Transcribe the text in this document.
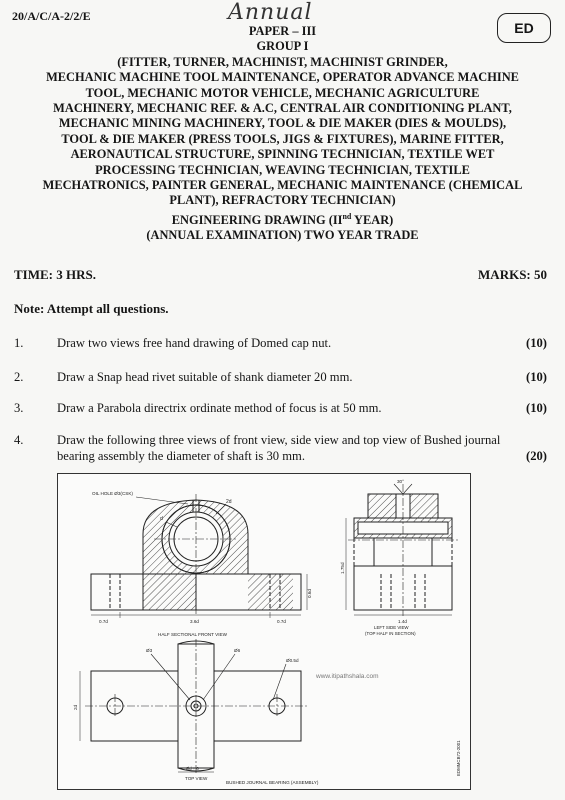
20/A/C/A-2/2/E	Annual
ED
PAPER – III
GROUP I
(FITTER, TURNER, MACHINIST, MACHINIST GRINDER,
MECHANIC MACHINE TOOL MAINTENANCE, OPERATOR ADVANCE MACHINE
TOOL, MECHANIC MOTOR VEHICLE, MECHANIC AGRICULTURE
MACHINERY, MECHANIC REF. & A.C, CENTRAL AIR CONDITIONING PLANT,
MECHANIC MINING MACHINERY, TOOL & DIE MAKER (DIES & MOULDS),
TOOL & DIE MAKER (PRESS TOOLS, JIGS & FIXTURES), MARINE FITTER,
AERONAUTICAL STRUCTURE, SPINNING TECHNICIAN, TEXTILE WET
PROCESSING TECHNICIAN, WEAVING TECHNICIAN, TEXTILE
MECHATRONICS, PAINTER GENERAL, MECHANIC MAINTENANCE (CHEMICAL
PLANT), REFRACTORY TECHNICIAN)
ENGINEERING DRAWING (IInd YEAR)
(ANNUAL EXAMINATION) TWO YEAR TRADE
TIME: 3 HRS.	MARKS: 50
Note: Attempt all questions.
1.	Draw two views free hand drawing of Domed cap nut.	(10)
2.	Draw a Snap head rivet suitable of shank diameter 20 mm.	(10)
3.	Draw a Parabola directrix ordinate method of focus is at 50 mm.	(10)
4.	Draw the following three views of front view, side view and top view of Bushed journal bearing assembly the diameter of shaft is 30 mm.	(20)
OIL HOLE Ø3(CSK)
d
2d
0.7d	3.6d	0.7d
0.6d
HALF SECTIONAL FRONT VIEW
30°
1.75d
1.4d
LEFT SIDE VIEW
(TOP HALF IN SECTION)
Ø3	Ø6
Ø0.5d
2d
Ød + 6
TOP VIEW
BUSHED JOURNAL BEARING (ASSEMBLY)
www.itipathshala.com
EDMMCB72-2001
